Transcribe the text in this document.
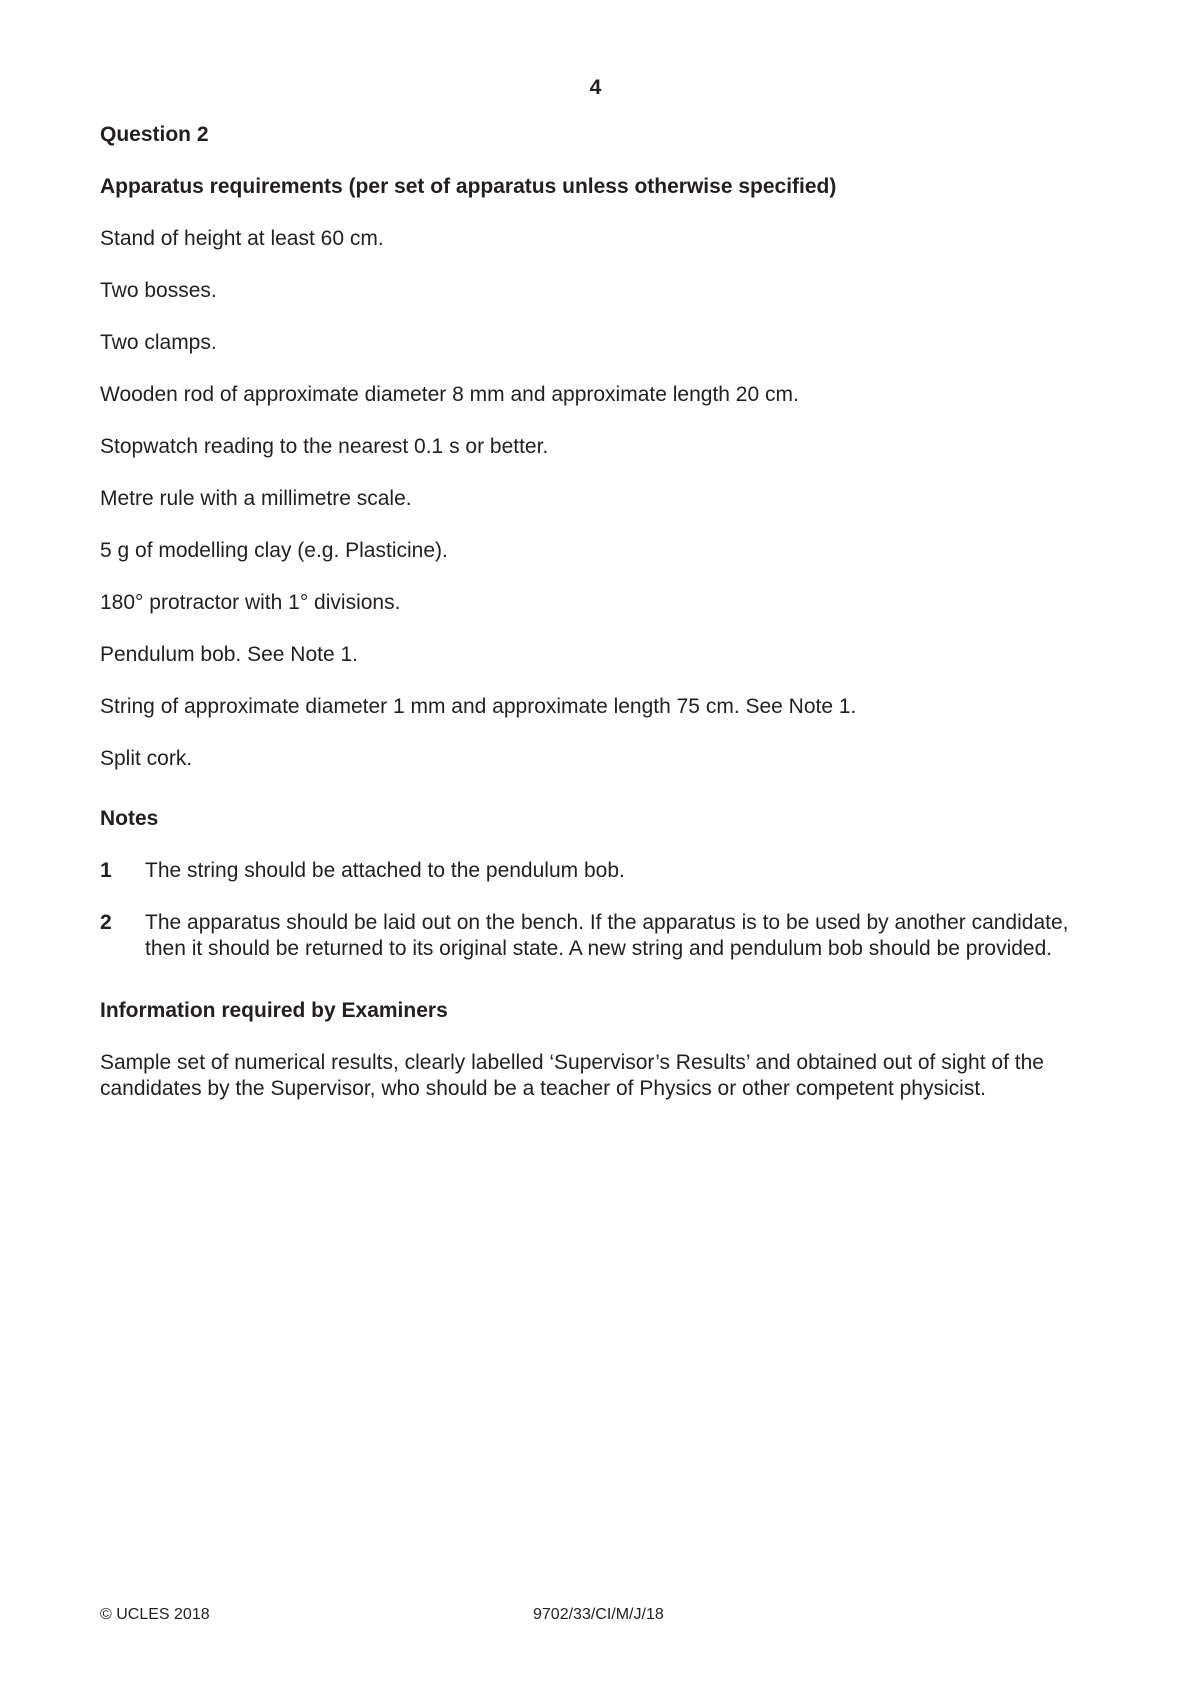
4

Question 2

Apparatus requirements (per set of apparatus unless otherwise specified)

Stand of height at least 60 cm.

Two bosses.

Two clamps.

Wooden rod of approximate diameter 8 mm and approximate length 20 cm.

Stopwatch reading to the nearest 0.1 s or better.

Metre rule with a millimetre scale.

5 g of modelling clay (e.g. Plasticine).

180° protractor with 1° divisions.

Pendulum bob. See Note 1.

String of approximate diameter 1 mm and approximate length 75 cm. See Note 1.

Split cork.

Notes

1	The string should be attached to the pendulum bob.
2	The apparatus should be laid out on the bench. If the apparatus is to be used by another candidate, then it should be returned to its original state. A new string and pendulum bob should be provided.

Information required by Examiners

Sample set of numerical results, clearly labelled ‘Supervisor’s Results’ and obtained out of sight of the candidates by the Supervisor, who should be a teacher of Physics or other competent physicist.

© UCLES 2018	9702/33/CI/M/J/18
